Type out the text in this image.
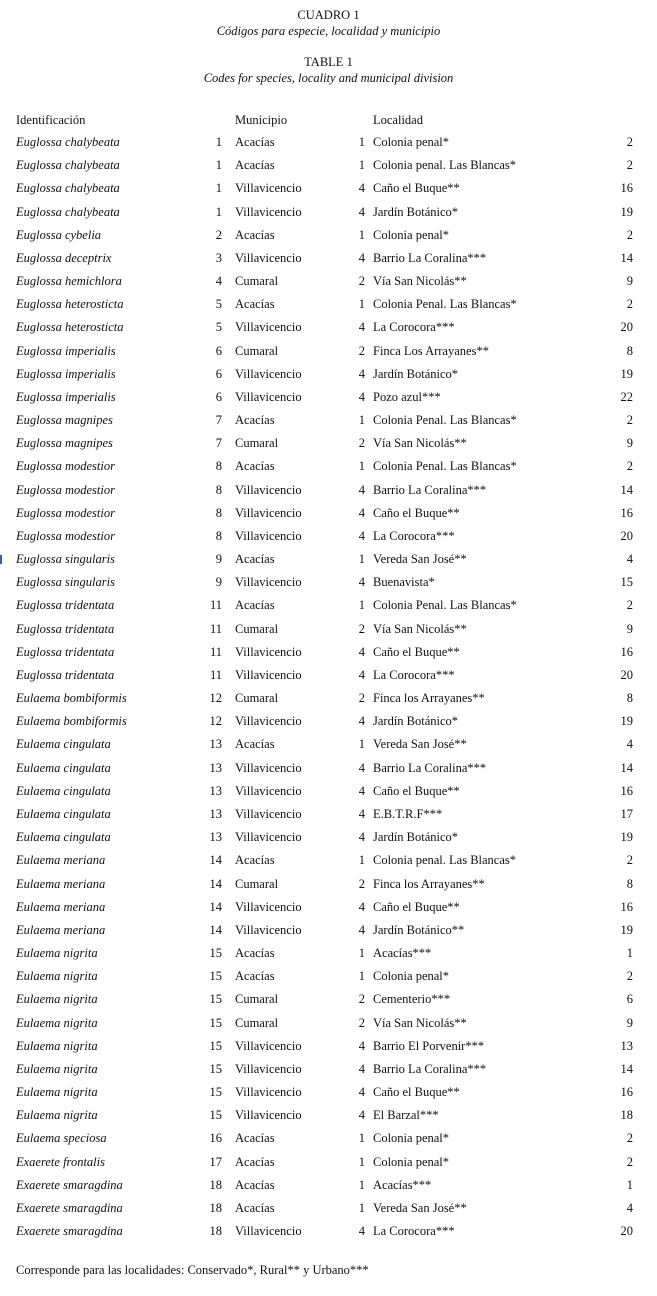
CUADRO 1
Códigos para especie, localidad y municipio
TABLE 1
Codes for species, locality and municipal division
Identificación	Municipio	Localidad
Euglossa chalybeata	1 Acacías	1 Colonia penal*	2
Euglossa chalybeata	1 Acacías	1 Colonia penal. Las Blancas*	2
Euglossa chalybeata	1 Villavicencio	4 Caño el Buque**	16
Euglossa chalybeata	1 Villavicencio	4 Jardín Botánico*	19
Euglossa cybelia	2 Acacías	1 Colonia penal*	2
Euglossa deceptrix	3 Villavicencio	4 Barrio La Coralina***	14
Euglossa hemichlora	4 Cumaral	2 Vía San Nicolás**	9
Euglossa heterosticta	5 Acacías	1 Colonia Penal. Las Blancas*	2
Euglossa heterosticta	5 Villavicencio	4 La Corocora***	20
Euglossa imperialis	6 Cumaral	2 Finca Los Arrayanes**	8
Euglossa imperialis	6 Villavicencio	4 Jardín Botánico*	19
Euglossa imperialis	6 Villavicencio	4 Pozo azul***	22
Euglossa magnipes	7 Acacías	1 Colonia Penal. Las Blancas*	2
Euglossa magnipes	7 Cumaral	2 Vía San Nicolás**	9
Euglossa modestior	8 Acacías	1 Colonia Penal. Las Blancas*	2
Euglossa modestior	8 Villavicencio	4 Barrio La Coralina***	14
Euglossa modestior	8 Villavicencio	4 Caño el Buque**	16
Euglossa modestior	8 Villavicencio	4 La Corocora***	20
Euglossa singularis	9 Acacías	1 Vereda San José**	4
Euglossa singularis	9 Villavicencio	4 Buenavista*	15
Euglossa tridentata	11 Acacías	1 Colonia Penal. Las Blancas*	2
Euglossa tridentata	11 Cumaral	2 Vía San Nicolás**	9
Euglossa tridentata	11 Villavicencio	4 Caño el Buque**	16
Euglossa tridentata	11 Villavicencio	4 La Corocora***	20
Eulaema bombiformis	12 Cumaral	2 Finca los Arrayanes**	8
Eulaema bombiformis	12 Villavicencio	4 Jardín Botánico*	19
Eulaema cingulata	13 Acacías	1 Vereda San José**	4
Eulaema cingulata	13 Villavicencio	4 Barrio La Coralina***	14
Eulaema cingulata	13 Villavicencio	4 Caño el Buque**	16
Eulaema cingulata	13 Villavicencio	4 E.B.T.R.F***	17
Eulaema cingulata	13 Villavicencio	4 Jardín Botánico*	19
Eulaema meriana	14 Acacías	1 Colonia penal. Las Blancas*	2
Eulaema meriana	14 Cumaral	2 Finca los Arrayanes**	8
Eulaema meriana	14 Villavicencio	4 Caño el Buque**	16
Eulaema meriana	14 Villavicencio	4 Jardín Botánico**	19
Eulaema nigrita	15 Acacías	1 Acacías***	1
Eulaema nigrita	15 Acacías	1 Colonia penal*	2
Eulaema nigrita	15 Cumaral	2 Cementerio***	6
Eulaema nigrita	15 Cumaral	2 Vía San Nicolás**	9
Eulaema nigrita	15 Villavicencio	4 Barrio El Porvenir***	13
Eulaema nigrita	15 Villavicencio	4 Barrio La Coralina***	14
Eulaema nigrita	15 Villavicencio	4 Caño el Buque**	16
Eulaema nigrita	15 Villavicencio	4 El Barzal***	18
Eulaema speciosa	16 Acacías	1 Colonia penal*	2
Exaerete frontalis	17 Acacías	1 Colonia penal*	2
Exaerete smaragdina	18 Acacías	1 Acacías***	1
Exaerete smaragdina	18 Acacías	1 Vereda San José**	4
Exaerete smaragdina	18 Villavicencio	4 La Corocora***	20
Corresponde para las localidades: Conservado*, Rural** y Urbano***
